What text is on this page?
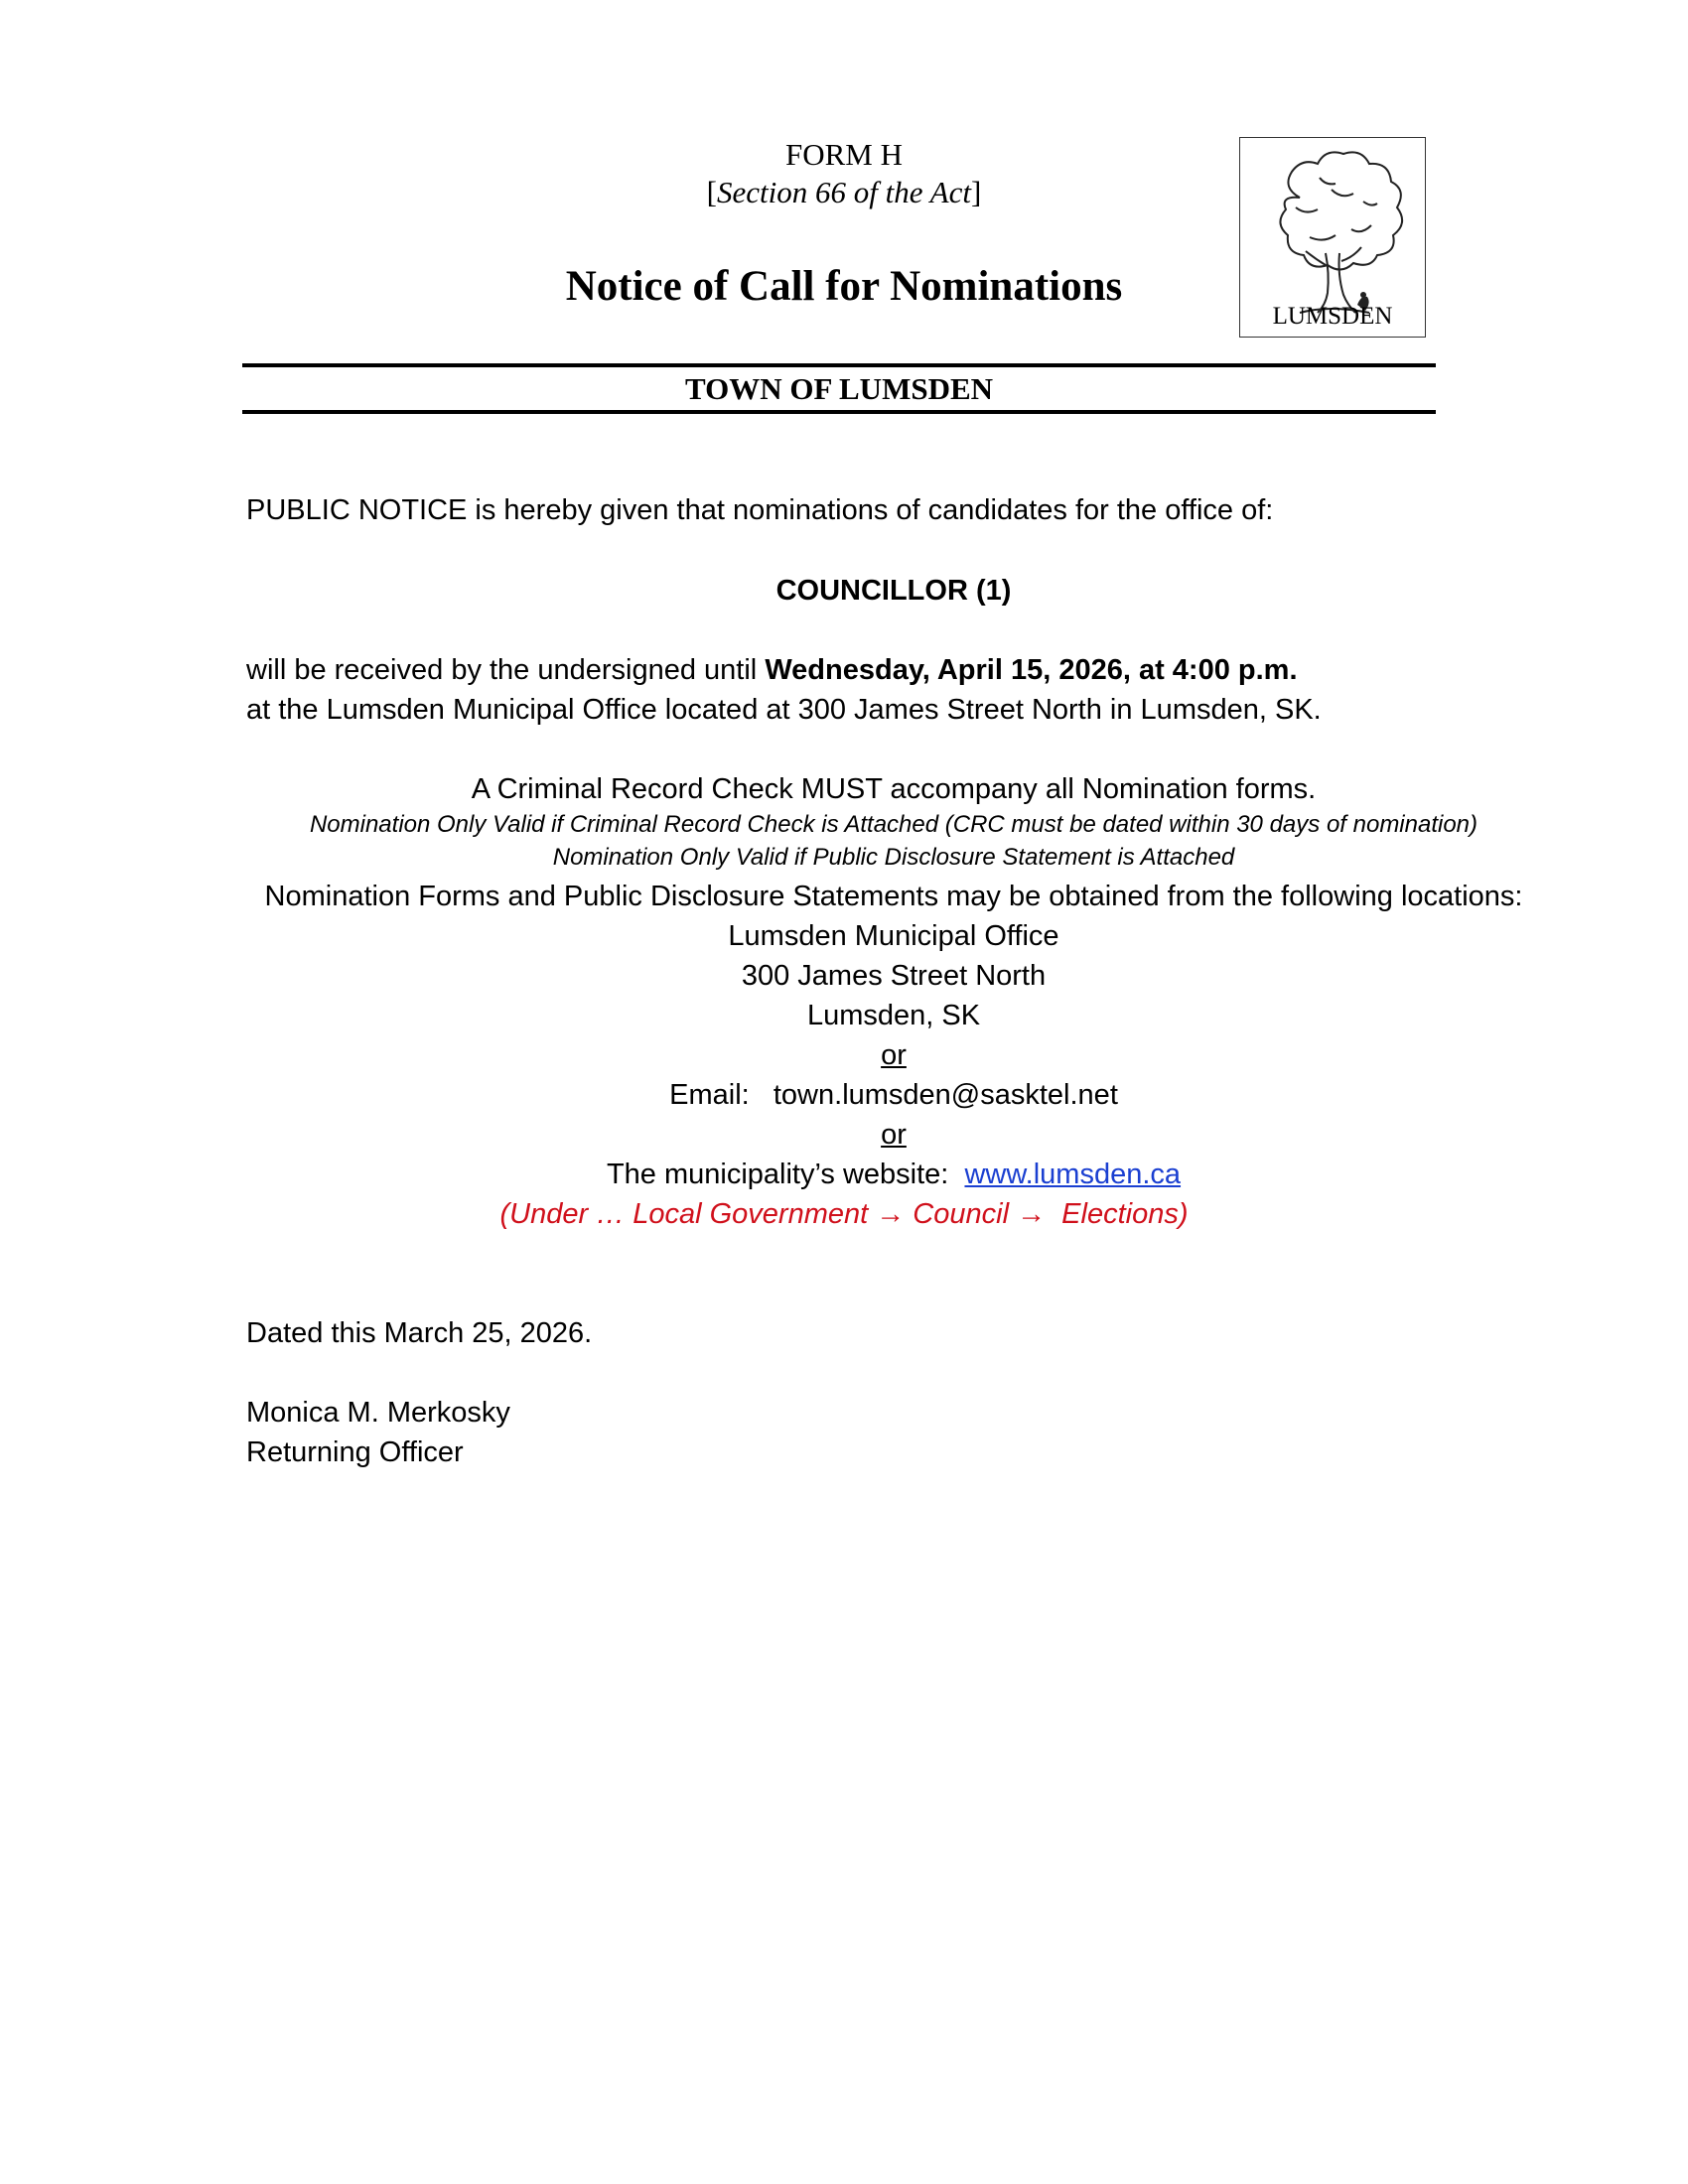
FORM H
[Section 66 of the Act]
Notice of Call for Nominations
LUMSDEN
TOWN OF LUMSDEN
PUBLIC NOTICE is hereby given that nominations of candidates for the office of:
COUNCILLOR (1)
will be received by the undersigned until Wednesday, April 15, 2026, at 4:00 p.m.
at the Lumsden Municipal Office located at 300 James Street North in Lumsden, SK.
A Criminal Record Check MUST accompany all Nomination forms.
Nomination Only Valid if Criminal Record Check is Attached (CRC must be dated within 30 days of nomination)
Nomination Only Valid if Public Disclosure Statement is Attached
Nomination Forms and Public Disclosure Statements may be obtained from the following locations:
Lumsden Municipal Office
300 James Street North
Lumsden, SK
or
Email: town.lumsden@sasktel.net
or
The municipality’s website: www.lumsden.ca
(Under … Local Government → Council →  Elections)
Dated this March 25, 2026.
Monica M. Merkosky
Returning Officer
